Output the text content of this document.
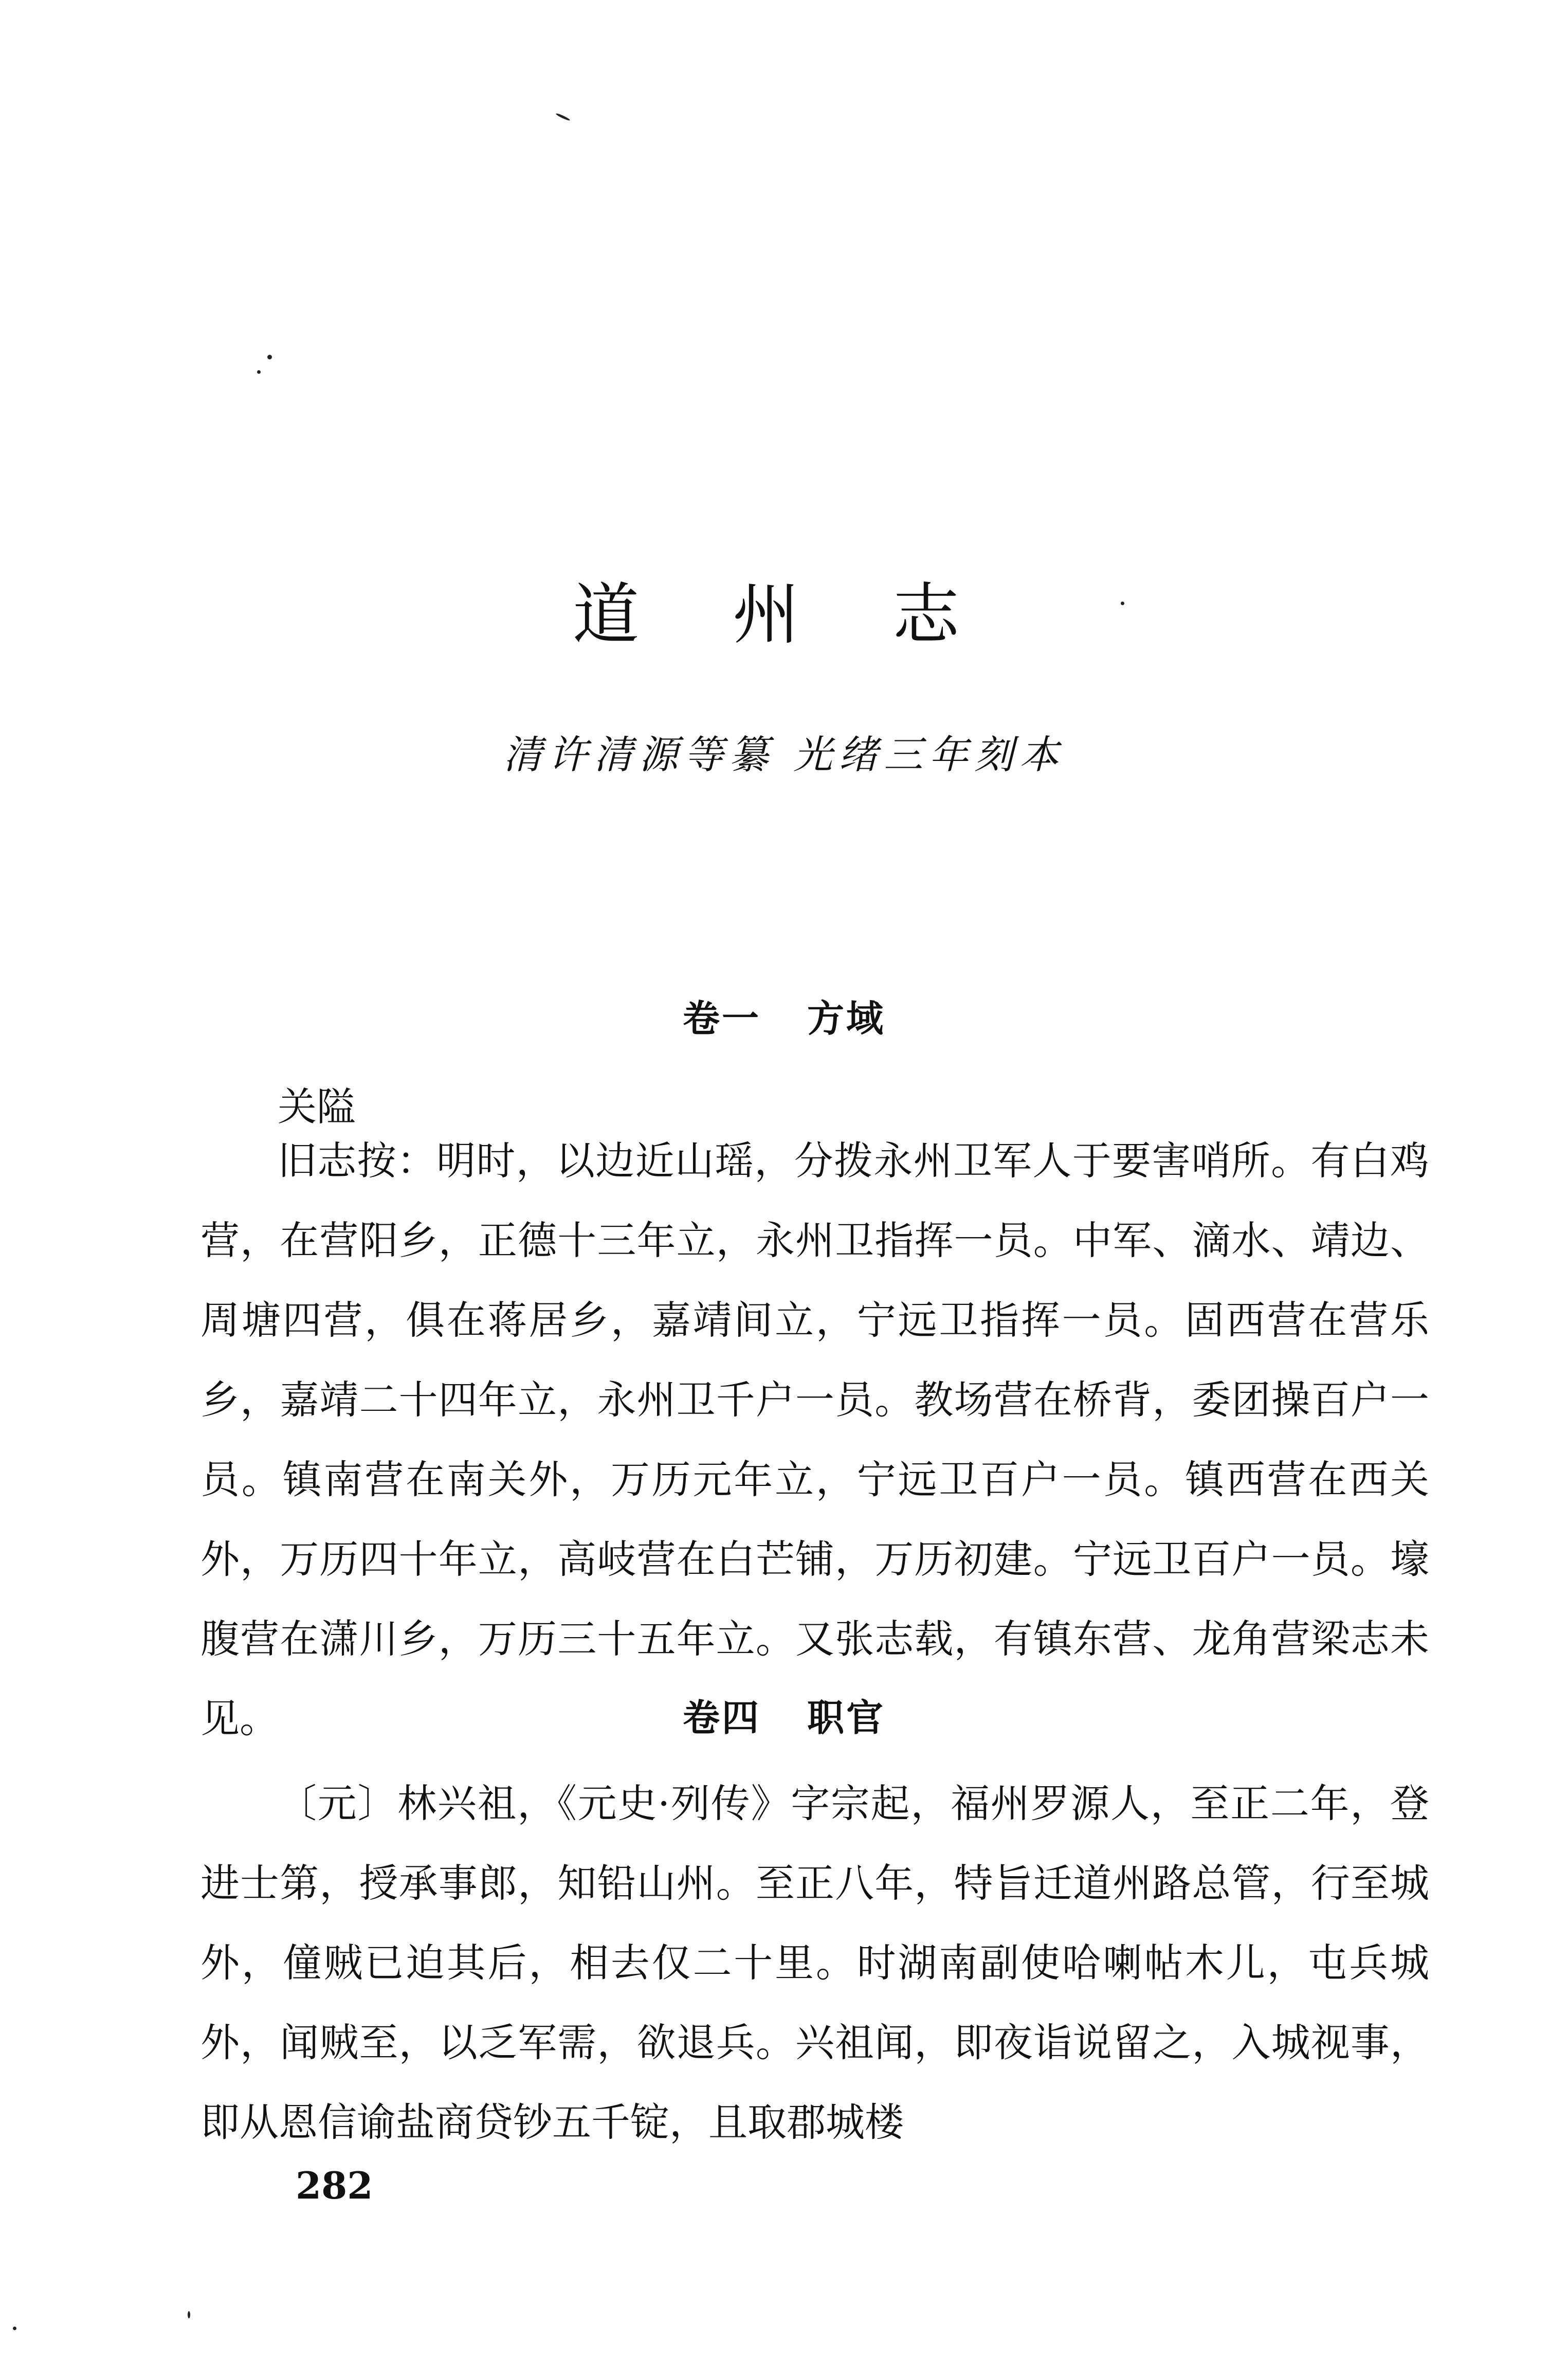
道 州 志
清许清源等纂 光绪三年刻本
卷一 方域
关隘

旧志按：明时，以边近山瑶，分拨永州卫军人于要害哨所。有白鸡营，在营阳乡，正德十三年立，永州卫指挥一员。中军、滴水、靖边、周塘四营，俱在蒋居乡，嘉靖间立，宁远卫指挥一员。固西营在营乐乡，嘉靖二十四年立，永州卫千户一员。教场营在桥背，委团操百户一员。镇南营在南关外，万历元年立，宁远卫百户一员。镇西营在西关外，万历四十年立，高岐营在白芒铺，万历初建。宁远卫百户一员。壕腹营在潇川乡，万历三十五年立。又张志载，有镇东营、龙角营梁志未见。	卷四 职官

〔元〕林兴祖，《元史·列传》字宗起，福州罗源人，至正二年，登进士第，授承事郎，知铅山州。至正八年，特旨迁道州路总管，行至城外，僮贼已迫其后，相去仅二十里。时湖南副使哈喇帖木儿，屯兵城外，闻贼至，以乏军需，欲退兵。兴祖闻，即夜诣说留之，入城视事，即从恩信谕盐商贷钞五千锭，且取郡城楼

282
